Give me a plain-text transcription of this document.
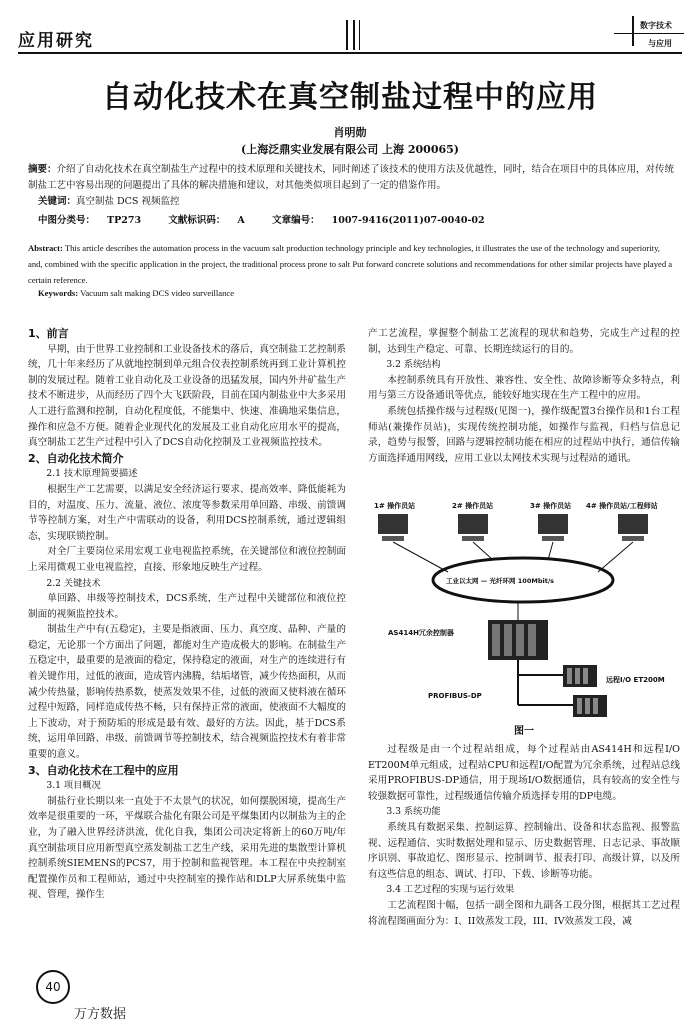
应用研究
数字技术
与应用
自动化技术在真空制盐过程中的应用
肖明勋
(上海泛鼎实业发展有限公司 上海 200065)
摘要：介绍了自动化技术在真空制盐生产过程中的技术原理和关键技术，同时阐述了该技术的使用方法及优越性，同时，结合在项目中的具体应用，对传统制盐工艺中容易出现的问题提出了具体的解决措施和建议，对其他类似项目起到了一定的借鉴作用。
关键词：真空制盐 DCS 视频监控
中图分类号： TP273	文献标识码： A	文章编号： 1007-9416(2011)07-0040-02
Abstract: This article describes the automation process in the vacuum salt production technology principle and key technologies, it illustrates the use of the technology and superiority, and, combined with the specific application in the project, the traditional process prone to salt Put forward concrete solutions and recommendations for other similar projects have played a certain reference.
Keywords: Vacuum salt making DCS video surveillance

1、前言

早期，由于世界工业控制和工业设备技术的落后，真空制盐工艺控制系统，几十年来经历了从就地控制到单元组合仪表控制系统再到工业计算机控制的发展过程。随着工业自动化及工业设备的迅猛发展，国内外井矿盐生产技术不断进步，从而经历了四个大飞跃阶段，目前在国内制盐业中大多采用人工进行监测和控制，自动化程度低，不能集中、快速、准确地采集信息，操作和应急不方便。随着企业现代化的发展及工业自动化应用水平的提高，真空制盐工艺生产过程中引入了DCS自动化控制及工业视频监控技术。

2、自动化技术简介

2.1 技术原理简要描述

根据生产工艺需要，以满足安全经济运行要求、提高效率、降低能耗为目的，对温度、压力、流量、液位、浓度等参数采用单回路、串级、前馈调节等控制方案，对生产中需联动的设备，利用DCS控制系统，通过逻辑组态，实现联锁控制。

对全厂主要岗位采用宏观工业电视监控系统，在关键部位和液位控制面上采用微观工业电视监控，直接、形象地反映生产过程。

2.2 关键技术

单回路、串级等控制技术，DCS系统，生产过程中关键部位和液位控制面的视频监控技术。

制盐生产中有(五稳定)，主要是指液面、压力、真空度、晶种、产量的稳定，无论那一个方面出了问题，都能对生产造成极大的影响。在制盐生产五稳定中，最重要的是液面的稳定，保持稳定的液面，对生产的连续进行有着关键作用，过低的液面，造成管内沸腾，结垢堵管，减少传热面积，从而减少传热量，影响传热系数，使蒸发效果不佳，过低的液面又使料液在循环过程中短路，同样造成传热不畅，只有保持正常的液面，使液面不大幅度的上下波动，对于预防垢的形成是最有效、最好的方法。因此，基于DCS系统，运用单回路、串级、前馈调节等控制技术，结合视频监控技术有着非常重要的意义。

3、自动化技术在工程中的应用

3.1 项目概况

制盐行业长期以来一直处于不太景气的状况，如何摆脱困境，提高生产效率是很重要的一环，平煤联合盐化有限公司是平煤集团内以制盐为主的企业，为了融入世界经济洪流，优化自我，集团公司决定将新上的60万吨/年真空制盐项目应用新型真空蒸发制盐工艺生产线，采用先进的集散型计算机控制系统SIEMENS的PCS7，用于控制和监视管理。本工程在中央控制室配置操作员和工程师站，通过中央控制室的操作站和DLP大屏系统集中监视、管理，操作生

产工艺流程，掌握整个制盐工艺流程的现状和趋势，完成生产过程的控制，达到生产稳定、可靠、长期连续运行的目的。

3.2 系统结构

本控制系统具有开放性、兼容性、安全性、故障诊断等众多特点，利用与第三方设备通讯等优点，能较好地实现在生产工程中的应用。

系统包括操作级与过程级(见图一)，操作级配置3台操作员和1台工程师站(兼操作员站)，实现传统控制功能，如操作与监视，归档与信息记录，趋势与报警，回路与逻辑控制功能在相应的过程站中执行，通信传输方面选择通用网线，应用工业以太网技术实现与过程站的通讯。

1# 操作员站	2# 操作员站	3# 操作员站 4# 操作员站/工程师站
工业以太网 — 光纤环网 100Mbit/s
AS414H冗余控制器
PROFIBUS-DP
远程I/O ET200M
图一

过程级是由一个过程站组成，每个过程站由AS414H和远程I/O ET200M单元组成，过程站CPU和远程I/O配置为冗余系统，过程站总线采用PROFIBUS-DP通信，用于现场I/O数据通信，具有较高的安全性与较强数据可靠性，过程级通信传输介质选择专用的DP电缆。

3.3 系统功能

系统具有数据采集、控制运算、控制输出、设备和状态监视、报警监视、远程通信、实时数据处理和显示、历史数据管理、日志记录、事故顺序识别、事故追忆、图形显示、控制调节、报表打印、高级计算，以及所有这些信息的组态、调试、打印、下载、诊断等功能。

3.4 工艺过程的实现与运行效果

工艺流程图十幅，包括一副全图和九副各工段分图，根据其工艺过程将流程图画面分为：I、II效蒸发工段，III、IV效蒸发工段，减

40
万方数据
